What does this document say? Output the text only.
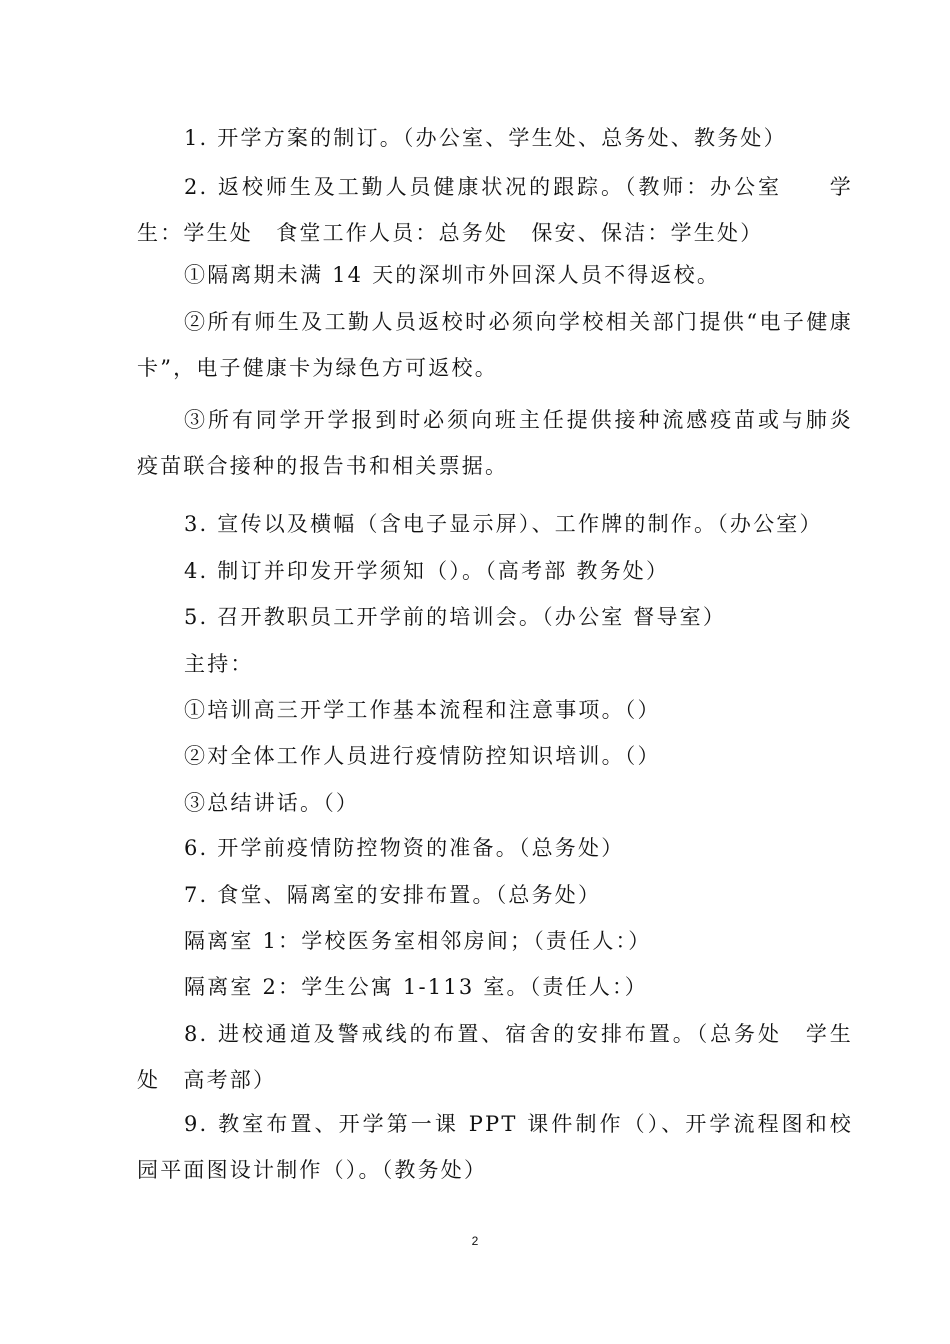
1. 开学方案的制订。（办公室、学生处、总务处、教务处）
2. 返校师生及工勤人员健康状况的跟踪。（教师：办公室　　学生：学生处　食堂工作人员：总务处　保安、保洁：学生处）
①隔离期未满 14 天的深圳市外回深人员不得返校。
②所有师生及工勤人员返校时必须向学校相关部门提供“电子健康卡”，电子健康卡为绿色方可返校。
③所有同学开学报到时必须向班主任提供接种流感疫苗或与肺炎疫苗联合接种的报告书和相关票据。
3. 宣传以及横幅（含电子显示屏）、工作牌的制作。（办公室）
4. 制订并印发开学须知（）。（高考部 教务处）
5. 召开教职员工开学前的培训会。（办公室 督导室）
主持：
①培训高三开学工作基本流程和注意事项。（）
②对全体工作人员进行疫情防控知识培训。（）
③总结讲话。（）
6. 开学前疫情防控物资的准备。（总务处）
7. 食堂、隔离室的安排布置。（总务处）
隔离室 1：学校医务室相邻房间；（责任人：）
隔离室 2：学生公寓 1-113 室。（责任人：）
8. 进校通道及警戒线的布置、宿舍的安排布置。（总务处　学生处　高考部）
9. 教室布置、开学第一课 PPT 课件制作（）、开学流程图和校园平面图设计制作（）。（教务处）
2
